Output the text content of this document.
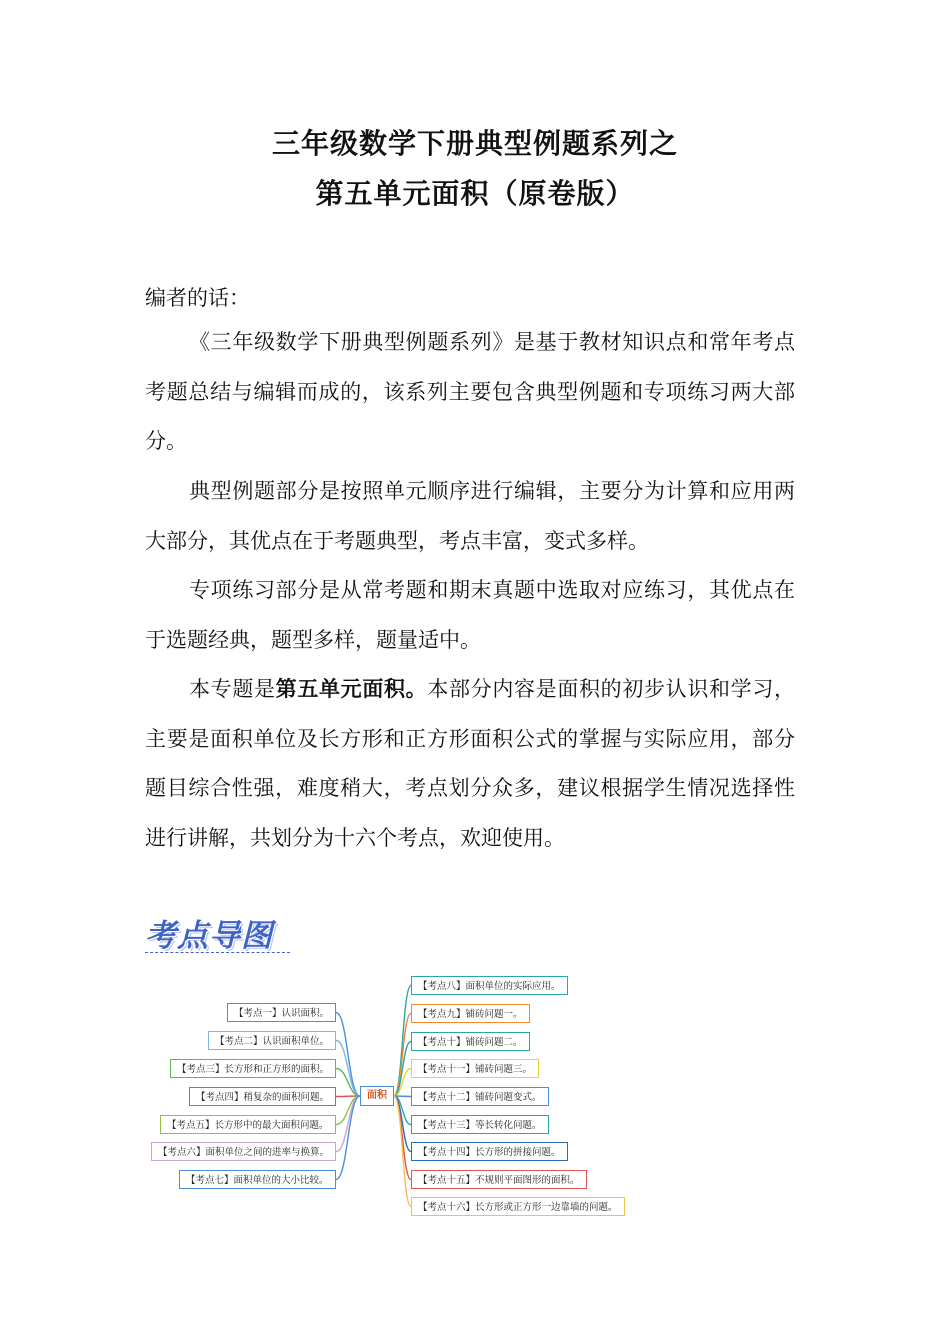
三年级数学下册典型例题系列之
第五单元面积（原卷版）

编者的话：

《三年级数学下册典型例题系列》是基于教材知识点和常年考点考题总结与编辑而成的，该系列主要包含典型例题和专项练习两大部分。

典型例题部分是按照单元顺序进行编辑，主要分为计算和应用两大部分，其优点在于考题典型，考点丰富，变式多样。

专项练习部分是从常考题和期末真题中选取对应练习，其优点在于选题经典，题型多样，题量适中。

本专题是第五单元面积。本部分内容是面积的初步认识和学习，主要是面积单位及长方形和正方形面积公式的掌握与实际应用，部分题目综合性强，难度稍大，考点划分众多，建议根据学生情况选择性进行讲解，共划分为十六个考点，欢迎使用。

考点导图
面积
【考点一】认识面积。
【考点二】认识面积单位。
【考点三】长方形和正方形的面积。
【考点四】稍复杂的面积问题。
【考点五】长方形中的最大面积问题。
【考点六】面积单位之间的进率与换算。
【考点七】面积单位的大小比较。
【考点八】面积单位的实际应用。
【考点九】铺砖问题一。
【考点十】铺砖问题二。
【考点十一】铺砖问题三。
【考点十二】铺砖问题变式。
【考点十三】等长转化问题。
【考点十四】长方形的拼接问题。
【考点十五】不规则平面图形的面积。
【考点十六】长方形或正方形一边靠墙的问题。
